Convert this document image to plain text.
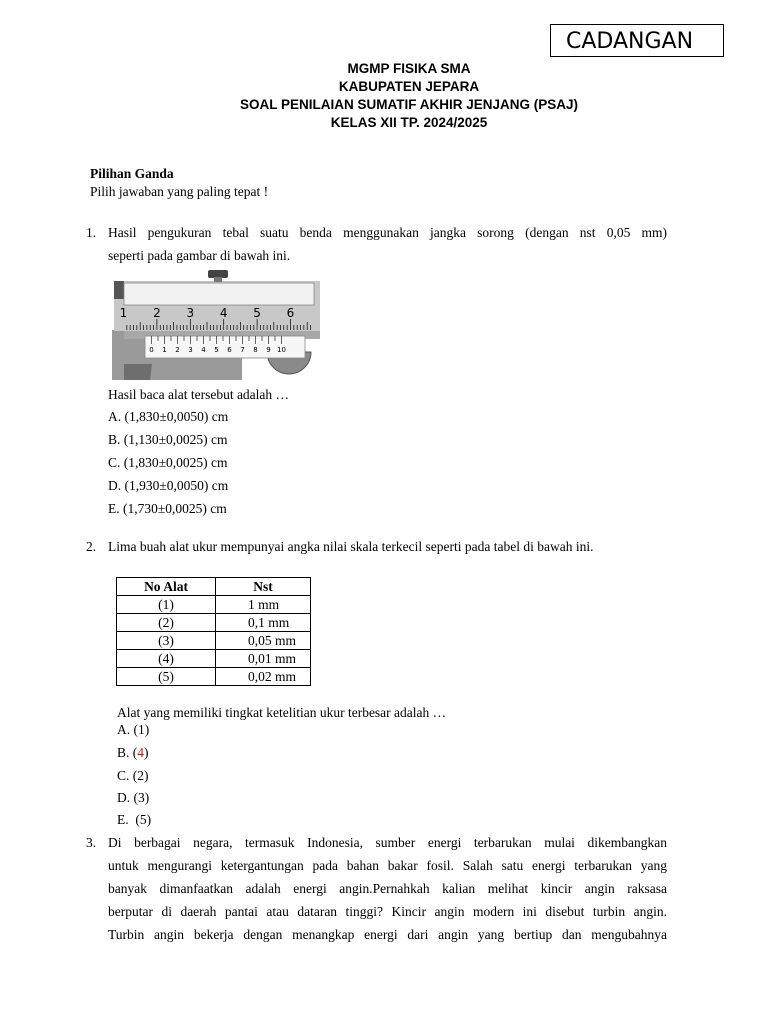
CADANGAN
MGMP FISIKA SMA
KABUPATEN JEPARA
SOAL PENILAIAN SUMATIF AKHIR JENJANG (PSAJ)
KELAS XII TP. 2024/2025
Pilihan Ganda
Pilih jawaban yang paling tepat !
1. Hasil pengukuran tebal suatu benda menggunakan jangka sorong (dengan nst 0,05 mm)
seperti pada gambar di bawah ini.
1 2 3 4 5 6
0 1 2 3 4 5 6 7 8 9 10
Hasil baca alat tersebut adalah …
A. (1,830±0,0050) cm
B. (1,130±0,0025) cm
C. (1,830±0,0025) cm
D. (1,930±0,0050) cm
E. (1,730±0,0025) cm
2. Lima buah alat ukur mempunyai angka nilai skala terkecil seperti pada tabel di bawah ini.
No Alat	Nst
(1)	1 mm
(2)	0,1 mm
(3)	0,05 mm
(4)	0,01 mm
(5)	0,02 mm
Alat yang memiliki tingkat ketelitian ukur terbesar adalah …
A. (1)
B. (4)
C. (2)
D. (3)
E.  (5)
3. Di berbagai negara, termasuk Indonesia, sumber energi terbarukan mulai dikembangkan
untuk mengurangi ketergantungan pada bahan bakar fosil. Salah satu energi terbarukan yang
banyak dimanfaatkan adalah energi angin.Pernahkah kalian melihat kincir angin raksasa
berputar di daerah pantai atau dataran tinggi? Kincir angin modern ini disebut turbin angin.
Turbin angin bekerja dengan menangkap energi dari angin yang bertiup dan mengubahnya
